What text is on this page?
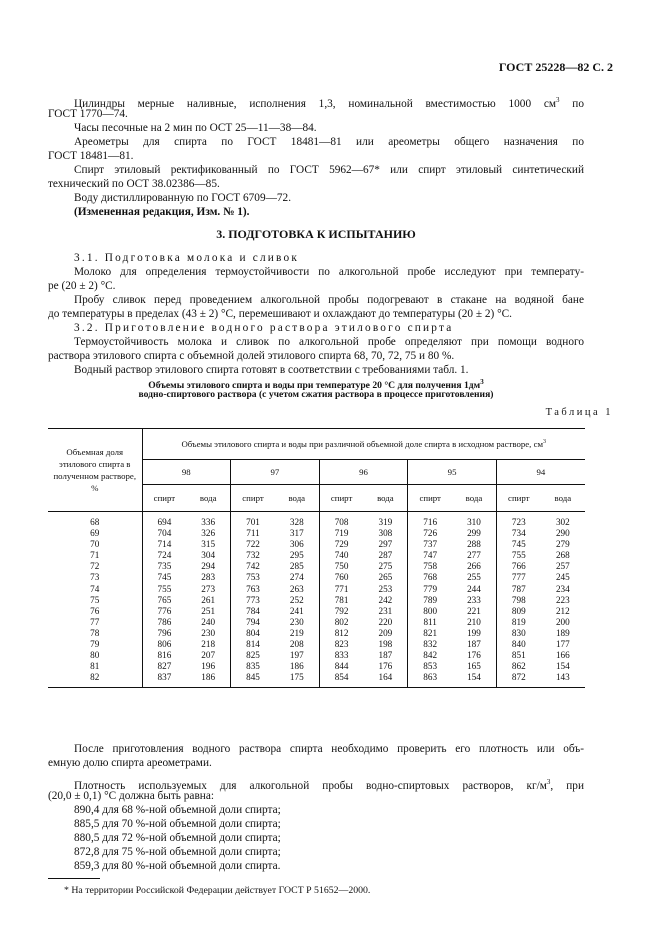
ГОСТ 25228—82 С. 2
Цилиндры мерные наливные, исполнения 1,3, номинальной вместимостью 1000 $см^3$ по
ГОСТ 1770—74.
Часы песочные на 2 мин по ОСТ 25—11—38—84.
Ареометры для спирта по ГОСТ 18481—81 или ареометры общего назначения по
ГОСТ 18481—81.
Спирт этиловый ректификованный по ГОСТ 5962—67* или спирт этиловый синтетический
технический по ОСТ 38.02386—85.
Воду дистиллированную по ГОСТ 6709—72.
(Измененная редакция, Изм. № 1).
3. ПОДГОТОВКА К ИСПЫТАНИЮ
3.1. Подготовка молока и сливок
Молоко для определения термоустойчивости по алкогольной пробе исследуют при температу-
ре (20 ± 2) °С.
Пробу сливок перед проведением алкогольной пробы подогревают в стакане на водяной бане
до температуры в пределах (43 ± 2) °С, перемешивают и охлаждают до температуры (20 ± 2) °С.
3.2. Приготовление водного раствора этилового спирта
Термоустойчивость молока и сливок по алкогольной пробе определяют при помощи водного
раствора этилового спирта с объемной долей этилового спирта 68, 70, 72, 75 и 80 %.
Водный раствор этилового спирта готовят в соответствии с требованиями табл. 1.
Объемы этилового спирта и воды при температуре 20 °С для получения $1дм^3$
водно-спиртового раствора (с учетом сжатия раствора в процессе приготовления)
Таблица 1
Объемная доля этилового спирта в полученном растворе, %	Объемы этилового спирта и воды при различной объемной доле спирта в исходном растворе, $см^3$
	98		97		96		95		94	
	спирт	вода	спирт	вода	спирт	вода	спирт	вода	спирт	вода
68	694	336	701	328	708	319	716	310	723	302
69	704	326	711	317	719	308	726	299	734	290
70	714	315	722	306	729	297	737	288	745	279
71	724	304	732	295	740	287	747	277	755	268
72	735	294	742	285	750	275	758	266	766	257
73	745	283	753	274	760	265	768	255	777	245
74	755	273	763	263	771	253	779	244	787	234
75	765	261	773	252	781	242	789	233	798	223
76	776	251	784	241	792	231	800	221	809	212
77	786	240	794	230	802	220	811	210	819	200
78	796	230	804	219	812	209	821	199	830	189
79	806	218	814	208	823	198	832	187	840	177
80	816	207	825	197	833	187	842	176	851	166
81	827	196	835	186	844	176	853	165	862	154
82	837	186	845	175	854	164	863	154	872	143
После приготовления водного раствора спирта необходимо проверить его плотность или объ-
емную долю спирта ареометрами.
Плотность используемых для алкогольной пробы водно-спиртовых растворов, $кг/м^3$, при
(20,0 ± 0,1) °С должна быть равна:
890,4 для 68 %-ной объемной доли спирта;
885,5 для 70 %-ной объемной доли спирта;
880,5 для 72 %-ной объемной доли спирта;
872,8 для 75 %-ной объемной доли спирта;
859,3 для 80 %-ной объемной доли спирта.
* На территории Российской Федерации действует ГОСТ Р 51652—2000.
